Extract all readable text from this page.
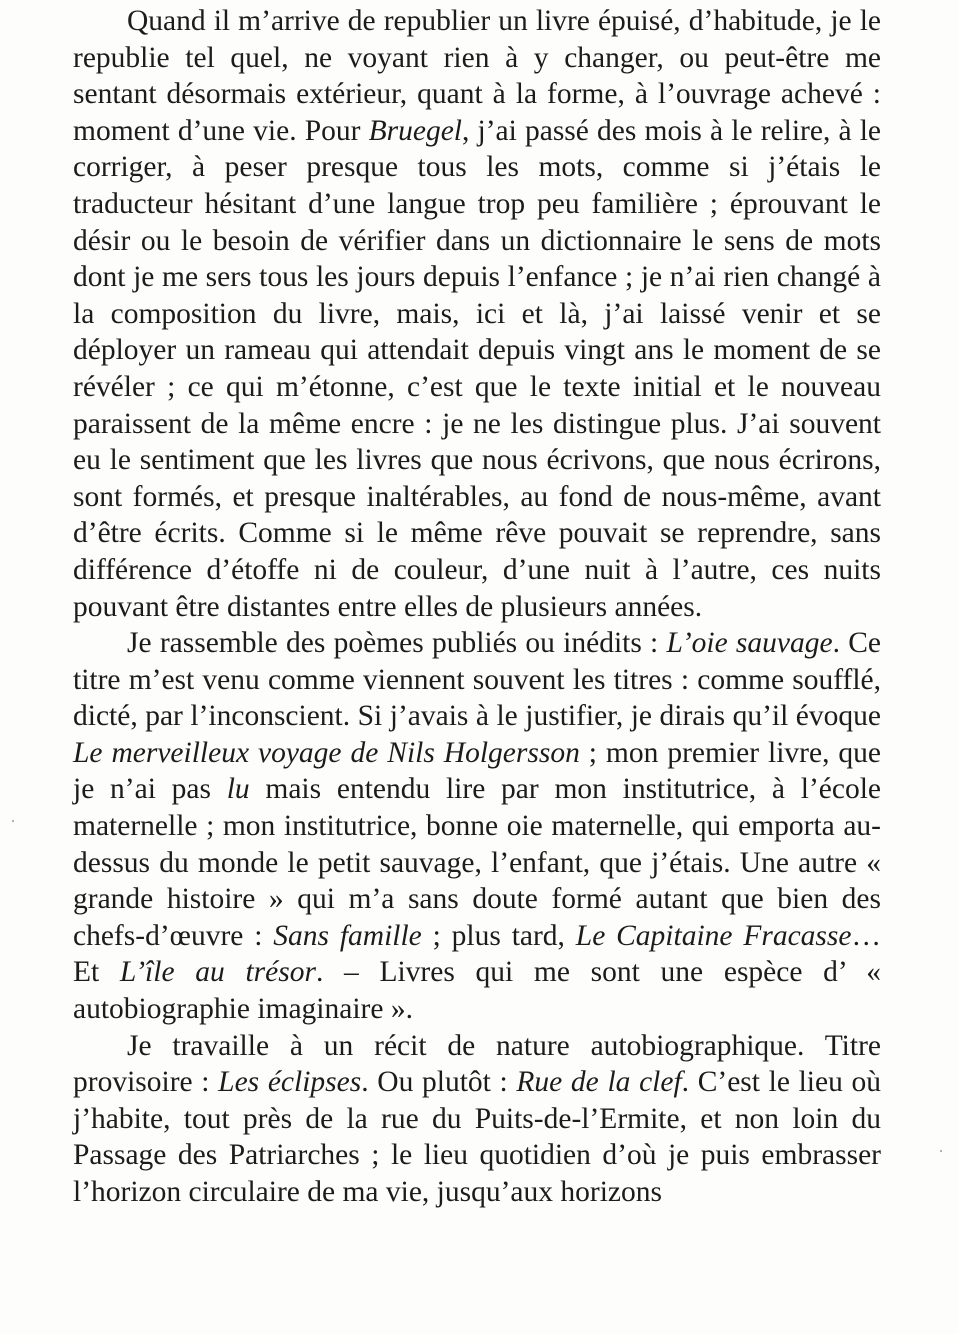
Quand il m’arrive de republier un livre épuisé, d’habitude, je le republie tel quel, ne voyant rien à y changer, ou peut-être me sentant désormais extérieur, quant à la forme, à l’ouvrage achevé : moment d’une vie. Pour Bruegel, j’ai passé des mois à le relire, à le corriger, à peser presque tous les mots, comme si j’étais le traducteur hésitant d’une langue trop peu familière ; éprouvant le désir ou le besoin de vérifier dans un dictionnaire le sens de mots dont je me sers tous les jours depuis l’enfance ; je n’ai rien changé à la composition du livre, mais, ici et là, j’ai laissé venir et se déployer un rameau qui attendait depuis vingt ans le moment de se révéler ; ce qui m’étonne, c’est que le texte initial et le nouveau paraissent de la même encre : je ne les distingue plus. J’ai souvent eu le sentiment que les livres que nous écrivons, que nous écrirons, sont formés, et presque inaltérables, au fond de nous-même, avant d’être écrits. Comme si le même rêve pouvait se reprendre, sans différence d’étoffe ni de couleur, d’une nuit à l’autre, ces nuits pouvant être distantes entre elles de plusieurs années.

Je rassemble des poèmes publiés ou inédits : L’oie sauvage. Ce titre m’est venu comme viennent souvent les titres : comme soufflé, dicté, par l’inconscient. Si j’avais à le justifier, je dirais qu’il évoque Le merveilleux voyage de Nils Holgersson ; mon premier livre, que je n’ai pas lu mais entendu lire par mon institutrice, à l’école maternelle ; mon institutrice, bonne oie maternelle, qui emporta au-dessus du monde le petit sauvage, l’enfant, que j’étais. Une autre « grande histoire » qui m’a sans doute formé autant que bien des chefs-d’œuvre : Sans famille ; plus tard, Le Capitaine Fracasse… Et L’île au trésor. – Livres qui me sont une espèce d’ « autobiographie imaginaire ».

Je travaille à un récit de nature autobiographique. Titre provisoire : Les éclipses. Ou plutôt : Rue de la clef. C’est le lieu où j’habite, tout près de la rue du Puits-de-l’Ermite, et non loin du Passage des Patriarches ; le lieu quotidien d’où je puis embrasser l’horizon circulaire de ma vie, jusqu’aux horizons
